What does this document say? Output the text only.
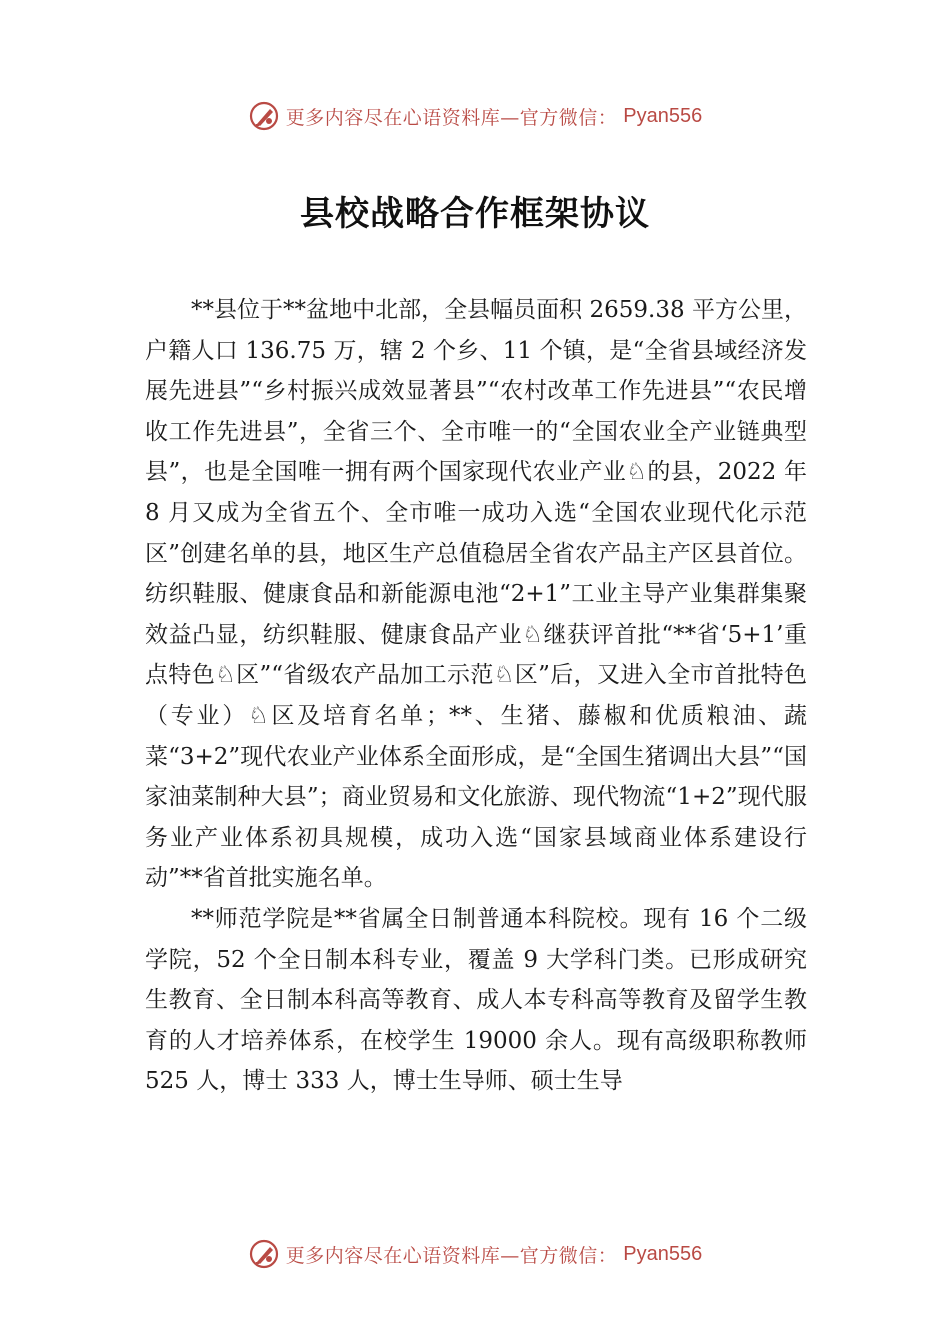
更多内容尽在心语资料库—官方微信： Pyan556
县校战略合作框架协议

**县位于**盆地中北部，全县幅员面积 2659.38 平方公里，户籍人口 136.75 万，辖 2 个乡、11 个镇，是“全省县域经济发展先进县”“乡村振兴成效显著县”“农村改革工作先进县”“农民增收工作先进县”，全省三个、全市唯一的“全国农业全产业链典型县”，也是全国唯一拥有两个国家现代农业产业♘的县，2022 年 8 月又成为全省五个、全市唯一成功入选“全国农业现代化示范区”创建名单的县，地区生产总值稳居全省农产品主产区县首位。纺织鞋服、健康食品和新能源电池“2+1”工业主导产业集群集聚效益凸显，纺织鞋服、健康食品产业♘继获评首批“**省‘5+1’重点特色♘区”“省级农产品加工示范♘区”后，又进入全市首批特色（专业）♘区及培育名单；**、生猪、藤椒和优质粮油、蔬菜“3+2”现代农业产业体系全面形成，是“全国生猪调出大县”“国家油菜制种大县”；商业贸易和文化旅游、现代物流“1+2”现代服务业产业体系初具规模，成功入选“国家县域商业体系建设行动”**省首批实施名单。

**师范学院是**省属全日制普通本科院校。现有 16 个二级学院，52 个全日制本科专业，覆盖 9 大学科门类。已形成研究生教育、全日制本科高等教育、成人本专科高等教育及留学生教育的人才培养体系，在校学生 19000 余人。现有高级职称教师 525 人，博士 333 人，博士生导师、硕士生导

更多内容尽在心语资料库—官方微信： Pyan556
